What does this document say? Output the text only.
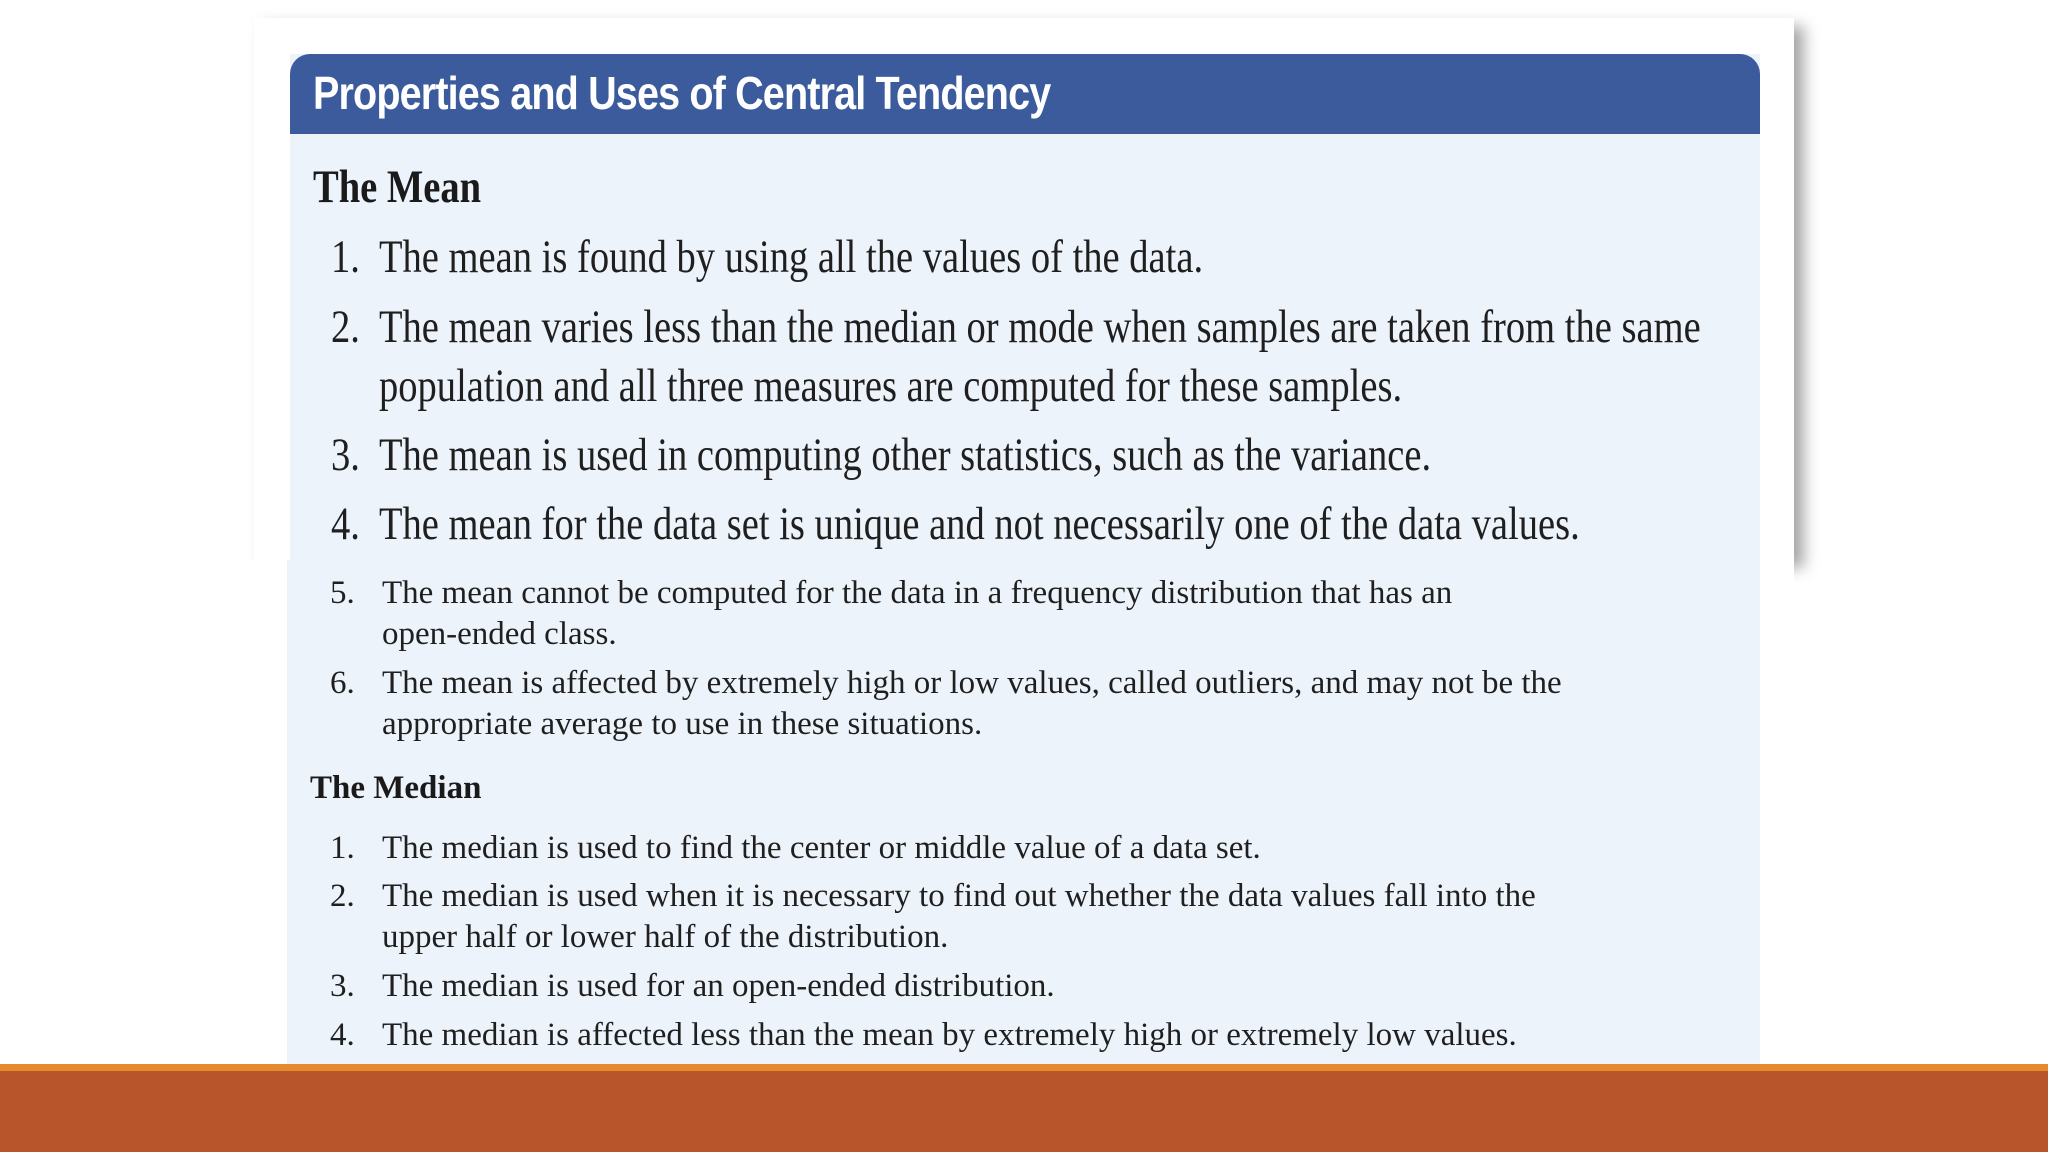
Properties and Uses of Central Tendency
The Mean
1. The mean is found by using all the values of the data.
2. The mean varies less than the median or mode when samples are taken from the same
population and all three measures are computed for these samples.
3. The mean is used in computing other statistics, such as the variance.
4. The mean for the data set is unique and not necessarily one of the data values.
5. The mean cannot be computed for the data in a frequency distribution that has an
open-ended class.
6. The mean is affected by extremely high or low values, called outliers, and may not be the
appropriate average to use in these situations.
The Median
1. The median is used to find the center or middle value of a data set.
2. The median is used when it is necessary to find out whether the data values fall into the
upper half or lower half of the distribution.
3. The median is used for an open-ended distribution.
4. The median is affected less than the mean by extremely high or extremely low values.
